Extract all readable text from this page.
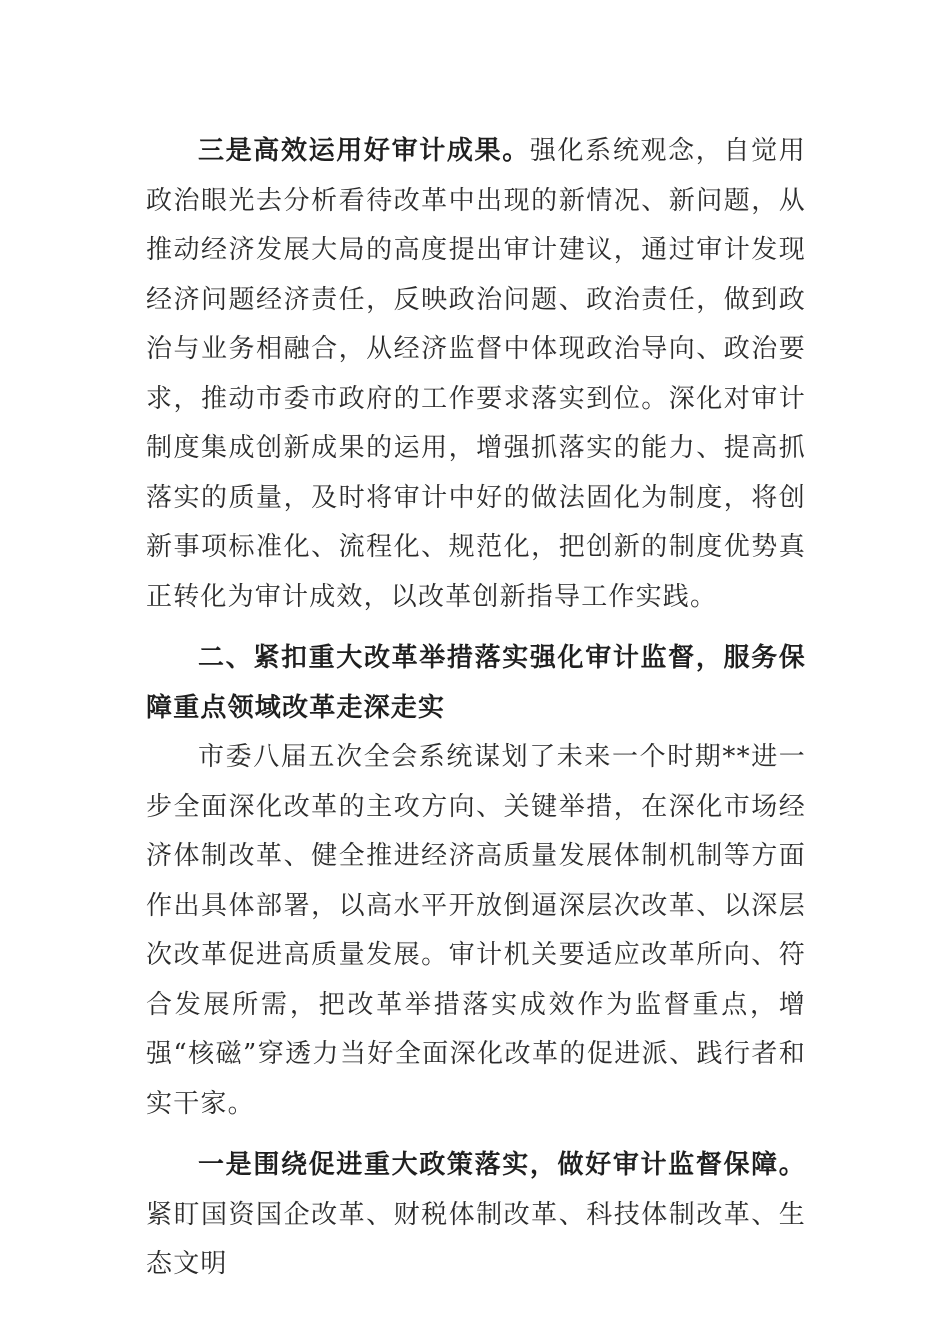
三是高效运用好审计成果。强化系统观念，自觉用政治眼光去分析看待改革中出现的新情况、新问题，从推动经济发展大局的高度提出审计建议，通过审计发现经济问题经济责任，反映政治问题、政治责任，做到政治与业务相融合，从经济监督中体现政治导向、政治要求，推动市委市政府的工作要求落实到位。深化对审计制度集成创新成果的运用，增强抓落实的能力、提高抓落实的质量，及时将审计中好的做法固化为制度，将创新事项标准化、流程化、规范化，把创新的制度优势真正转化为审计成效，以改革创新指导工作实践。

二、紧扣重大改革举措落实强化审计监督，服务保障重点领域改革走深走实

市委八届五次全会系统谋划了未来一个时期**进一步全面深化改革的主攻方向、关键举措，在深化市场经济体制改革、健全推进经济高质量发展体制机制等方面作出具体部署，以高水平开放倒逼深层次改革、以深层次改革促进高质量发展。审计机关要适应改革所向、符合发展所需，把改革举措落实成效作为监督重点，增强“核磁”穿透力当好全面深化改革的促进派、践行者和实干家。

一是围绕促进重大政策落实，做好审计监督保障。紧盯国资国企改革、财税体制改革、科技体制改革、生态文明
